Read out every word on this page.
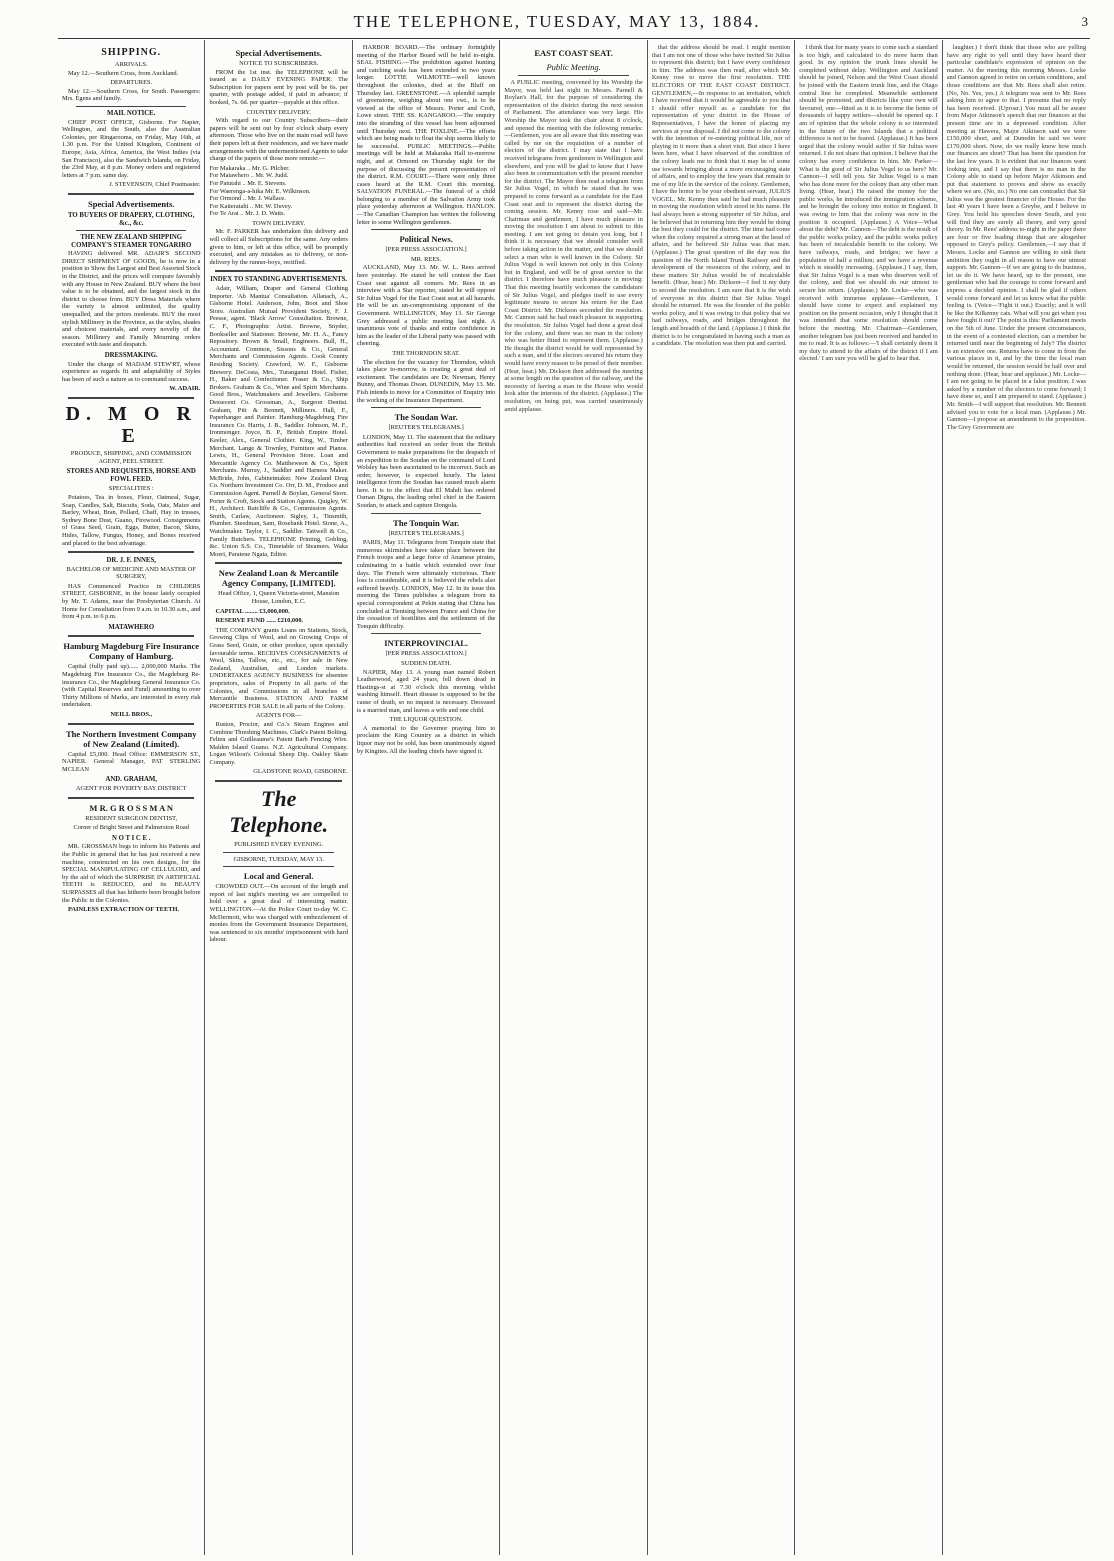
THE TELEPHONE, TUESDAY, MAY 13, 1884.	3
SHIPPING.
ARRIVALS.

May 12.—Southern Cross, from Auckland.

DEPARTURES.

May 12.—Southern Cross, for South. Passengers: Mrs. Egens and family.

MAIL NOTICE.

CHIEF POST OFFICE, Gisborne. For Napier, Wellington, and the South, also the Australian Colonies, per Ringarooma, on Friday, May 16th, at 1.30 p.m. For the United Kingdom, Continent of Europe, Asia, Africa, America, the West Indies (via San Francisco), also the Sandwich Islands, on Friday, the 23rd May, at 8 p.m. Money orders and registered letters at 7 p.m. same day.

J. STEVENSON, Chief Postmaster.

Special Advertisements.
TO BUYERS OF DRAPERY, CLOTHING, &c., &c.
THE NEW ZEALAND SHIPPING COMPANY'S STEAMER TONGARIRO

HAVING delivered MR. ADAIR'S SECOND DIRECT SHIPMENT OF GOODS, he is now in a position to Show the Largest and Best Assorted Stock in the District, and the prices will compare favorably with any House in New Zealand. BUY where the best value is to be obtained, and the largest stock in the district to choose from. BUY Dress Materials where the variety is almost unlimited, the quality unequalled, and the prices moderate. BUY the most stylish Millinery in the Province, as the styles, shades and choicest materials, and every novelty of the season. Millinery and Family Mourning orders executed with taste and despatch.

DRESSMAKING.

Under the charge of MADAM STEW'RT, whose experience as regards fit and adaptability of Styles has been of such a nature as to command success.

W. ADAIR.

D. M O R E

PRODUCE, SHIPPING, AND COMMISSION AGENT, PEEL STREET.

STORES AND REQUISITES, HORSE AND FOWL FEED.
SPECIALITIES :

Potatoes, Tea in boxes, Flour, Oatmeal, Sugar, Soap, Candles, Salt, Biscuits, Soda, Oats, Maize and Barley, Wheat, Bran, Pollard, Chaff, Hay in trusses, Sydney Bone Dust, Guano, Firewood. Consignments of Grass Seed, Grain, Eggs, Butter, Bacon, Skins, Hides, Tallow, Fungus, Honey, and Bones received and placed to the best advantage.

DR. J. F. INNES,

BACHELOR OF MEDICINE AND MASTER OF SURGERY,

HAS Commenced Practice in CHILDERS STREET, GISBORNE, in the house lately occupied by Mr. T. Adams, near the Presbyterian Church. At Home for Consultation from 9 a.m. to 10.30 a.m., and from 4 p.m. to 6 p.m.

MATAWHERO
Hamburg Magdeburg Fire Insurance Company of Hamburg.

Capital (fully paid up)...... 2,000,000 Marks. The Magdeburg Fire Insurance Co., the Magdeburg Re-insurance Co., the Magdeburg General Insurance Co. (with Capital Reserves and Fund) amounting to over Thirty Millions of Marks, are interested in every risk undertaken.

NEILL BROS.,

The Northern Investment Company of New Zealand (Limited).

Capital £5,000. Head Office: EMMERSON ST., NAPIER. General Manager, PAT STERLING MCLEAN

AND. GRAHAM,

AGENT FOR POVERTY BAY DISTRICT

M R. G R O S S M A N

RESIDENT SURGEON DENTIST,

Corner of Bright Street and Palmerston Road

N O T I C E .

MR. GROSSMAN begs to inform his Patients and the Public in general that he has just received a new machine, constructed on his own designs, for the SPECIAL MANIPULATING OF CELLULOID, and by the aid of which the SURPRISE IN ARTIFICIAL TEETH is REDUCED, and its BEAUTY SURPASSES all that has hitherto been brought before the Public in the Colonies.

PAINLESS EXTRACTION OF TEETH.

Special Advertisements.
NOTICE TO SUBSCRIBERS.

FROM the 1st inst. the TELEPHONE will be issued as a DAILY EVENING PAPER. The Subscription for papers sent by post will be 6s. per quarter, with postage added, if paid in advance; if booked, 7s. 6d. per quarter—payable at this office.

COUNTRY DELIVERY.

With regard to our Country Subscribers—their papers will be sent out by four o'clock sharp every afternoon. Those who live on the main road will have their papers left at their residences, and we have made arrangements with the undermentioned Agents to take charge of the papers of those more remote:—

For Makaraka .. Mr. G. Pilcher.

For Matawhero .. Mr. W. Judd.

For Patutahi .. Mr. E. Stevens.

For Waerenga-a-hika Mr. E. Wilkinson.

For Ormond .. Mr. J. Wallace.

For Kaiteratahi .. Mr. W. Duvey.

For Te Arai .. Mr. J. D. Watts.

TOWN DELIVERY.

Mr. F. PARKER has undertaken this delivery and will collect all Subscriptions for the same. Any orders given to him, or left at this office, will be promptly executed, and any mistakes as to delivery, or non-delivery by the runner-boys, rectified.

INDEX TO STANDING ADVERTISEMENTS.

Adair, William, Draper and General Clothing Importer. 'Ah Mantua' Consultation. Allanach, A., Gisborne Hotel. Anderson, John, Boot and Shoe Store. Australian Mutual Provident Society, F. J. Peesse, agent. 'Black Arrow' Consultation. Browne, C. F., Photographic Artist. Browne, Snyder, Bookseller and Stationer. Browne, Mr. H. A., Fancy Repository. Brown & Small, Engineers. Bull, H., Accountant. Common, Sissons & Co., General Merchants and Commission Agents. Cook County Residing Society. Crawford, W. F., Gisborne Brewery. DeCosta, Mrs., Turanganui Hotel. Fisher, H., Baker and Confectioner. Fraser & Co., Ship Brokers. Graham & Co., Wine and Spirit Merchants. Good Bros., Watchmakers and Jewellers. Gisborne Dessecent Co. Grossman, A., Surgeon Dentist. Graham, Pitt & Bennett, Milliners. Hall, F., Paperhanger and Painter. Hamburg-Magdeburg Fire Insurance Co. Harris, J. B., Saddler. Johnson, M. F., Ironmonger. Joyce, B. P., British Empire Hotel. Keeler, Alex., General Clothier. King, W., Timber Merchant. Lange & Townley, Furniture and Pianos. Lewis, H., General Provision Store. Loan and Mercantile Agency Co. Matthewson & Co., Spirit Merchants. Murray, J., Saddler and Harness Maker. McBride, John, Cabinetmaker. New Zealand Drug Co. Northern Investment Co. Orr, D. M., Produce and Commission Agent. Parnell & Boylan, General Store. Porter & Croft, Stock and Station Agents. Quigley, W. H., Architect. Ratcliffe & Co., Commission Agents. Smith, Carlaw, Auctioneer. Sigley, J., Tinsmith, Plumber. Steedman, Sam, Rosebank Hotel. Stone, A., Watchmaker. Taylor, I. C., Saddler. Tattwell & Co., Family Butchers. TELEPHONE Printing, Gobling, &c. Union S.S. Co., Timetable of Steamers. Waka Moeri, Paratene Ngata, Editor.

New Zealand Loan & Mercantile Agency Company, [LIMITED].

Head Office, 1, Queen Victoria-street, Mansion House, London, E.C.

CAPITAL ........ £3,000,000.

RESERVE FUND ...... £210,000.

THE COMPANY grants Loans on Stations, Stock, Growing Clips of Wool, and on Growing Crops of Grass Seed, Grain, or other produce, upon specially favourable terms. RECEIVES CONSIGNMENTS of Wool, Skins, Tallow, etc., etc., for sale in New Zealand, Australian, and London markets. UNDERTAKES AGENCY BUSINESS for absentee proprietors, sales of Property in all parts of the Colonies, and Commissions in all branches of Mercantile Business. STATION AND FARM PROPERTIES FOR SALE in all parts of the Colony.

AGENTS FOR—

Ruston, Proctor, and Co.'s Steam Engines and Combine Threshing Machines. Clark's Patent Bolting. Felten and Guilleaume's Patent Barb Fencing Wire. Malden Island Guano. N.Z. Agricultural Company. Logan Wilson's Colonial Sheep Dip. Oakley Skate Company.

GLADSTONE ROAD, GISBORNE.

The Telephone.

PUBLISHED EVERY EVENING.

GISBORNE, TUESDAY, MAY 13.

Local and General.

CROWDED OUT.—On account of the length and report of last night's meeting we are compelled to hold over a great deal of interesting matter. WELLINGTON.—At the Police Court to-day W. C. McDermott, who was charged with embezzlement of monies from the Government Insurance Department, was sentenced to six months' imprisonment with hard labour.

HARBOR BOARD.—The ordinary fortnightly meeting of the Harbor Board will be held to-night. SEAL FISHING.—The prohibition against hunting and catching seals has been extended to two years longer. LOTTIE WILMOTTE—well known throughout the colonies, died at the Bluff on Thursday last. GREENSTONE.—A splendid sample of greenstone, weighing about one cwt., is to be viewed at the office of Messrs. Porter and Croft, Lowe street. THE SS. KANGAROO.—The enquiry into the stranding of this vessel has been adjourned until Thursday next. THE FOXLINE.—The efforts which are being made to float the ship seems likely to be successful. PUBLIC MEETINGS.—Public meetings will be held at Makaraka Hall to-morrow night, and at Ormond on Thursday night for the purpose of discussing the present representation of the district. R.M. COURT.—There were only three cases heard at the R.M. Court this morning. SALVATION FUNERAL.—The funeral of a child belonging to a member of the Salvation Army took place yesterday afternoon at Wellington. HANLON.—The Canadian Champion has written the following letter to some Wellington gentlemen.

Political News.

[PER PRESS ASSOCIATION.]

MR. REES.

AUCKLAND, May 13. Mr. W. L. Rees arrived here yesterday. He stated he will contest the East Coast seat against all comers. Mr. Rees in an interview with a Star reporter, stated he will oppose Sir Julius Vogel for the East Coast seat at all hazards. He will be an un-compromising opponent of the Government. WELLINGTON, May 13. Sir George Grey addressed a public meeting last night. A unanimous vote of thanks and entire confidence in him as the leader of the Liberal party was passed with cheering.

THE THORNDON SEAT.

The election for the vacancy for Thorndon, which takes place to-morrow, is creating a great deal of excitement. The candidates are Dr. Newman, Henry Bunny, and Thomas Dwan. DUNEDIN, May 13. Mr. Fish intends to move for a Committee of Enquiry into the working of the Insurance Department.

The Soudan War.

[REUTER'S TELEGRAMS.]

LONDON, May 11. The statement that the military authorities had received an order from the British Government to make preparations for the despatch of an expedition to the Soudan on the command of Lord Wolsley has been ascertained to be incorrect. Such an order, however, is expected hourly. The latest intelligence from the Soudan has caused much alarm here. It is to the effect that El Mahdi has ordered Osman Digna, the leading rebel chief in the Eastern Soudan, to attack and capture Dongola.

The Tonquin War.

[REUTER'S TELEGRAMS.]

PARIS, May 11. Telegrams from Tonquin state that numerous skirmishes have taken place between the French troops and a large force of Anamese pirates, culminating in a battle which extended over four days. The French were ultimately victorious. Their loss is considerable, and it is believed the rebels also suffered heavily. LONDON, May 12. In its issue this morning the Times publishes a telegram from its special correspondent at Pekin stating that China has concluded at Tientsing between France and China for the cessation of hostilities and the settlement of the Tonquin difficulty.

INTERPROVINCIAL.

[PER PRESS ASSOCIATION.]

SUDDEN DEATH.

NAPIER, May 13. A young man named Robert Leatherwood, aged 24 years, fell down dead in Hastings-st at 7.30 o'clock this morning whilst washing himself. Heart disease is supposed to be the cause of death, so no inquest is necessary. Deceased is a married man, and leaves a wife and one child.

THE LIQUOR QUESTION.

A memorial to the Governor praying him to proclaim the King Country as a district in which liquor may not be sold, has been unanimously signed by Kingites. All the leading chiefs have signed it.

EAST COAST SEAT.
Public Meeting.

A PUBLIC meeting, convened by his Worship the Mayor, was held last night in Messrs. Parnell & Boylan's Hall, for the purpose of considering the representation of the district during the next session of Parliament. The attendance was very large. His Worship the Mayor took the chair about 8 o'clock, and opened the meeting with the following remarks:—Gentlemen, you are all aware that this meeting was called by me on the requisition of a number of electors of the district. I may state that I have received telegrams from gentlemen in Wellington and elsewhere, and you will be glad to know that I have also been in communication with the present member for the district. The Mayor then read a telegram from Sir Julius Vogel, in which he stated that he was prepared to come forward as a candidate for the East Coast seat and to represent the district during the coming session. Mr. Kenny rose and said—Mr. Chairman and gentlemen, I have much pleasure in moving the resolution I am about to submit to this meeting. I am not going to detain you long, but I think it is necessary that we should consider well before taking action in the matter, and that we should select a man who is well known in the Colony. Sir Julius Vogel is well known not only in this Colony but in England, and will be of great service to the district. I therefore have much pleasure in moving: That this meeting heartily welcomes the candidature of Sir Julius Vogel, and pledges itself to use every legitimate means to secure his return for the East Coast District. Mr. Dickson seconded the resolution. Mr. Cannon said he had much pleasure in supporting the resolution. Sir Julius Vogel had done a great deal for the colony, and there was no man in the colony who was better fitted to represent them. (Applause.) He thought the district would be well represented by such a man, and if the electors secured his return they would have every reason to be proud of their member. (Hear, hear.) Mr. Dickson then addressed the meeting at some length on the question of the railway, and the necessity of having a man in the House who would look after the interests of the district. (Applause.) The resolution, on being put, was carried unanimously amid applause.

that the address should be read. I might mention that I am not one of those who have invited Sir Julius to represent this district; but I have every confidence in him. The address was then read, after which Mr. Kenny rose to move the first resolution. THE ELECTORS OF THE EAST COAST DISTRICT. GENTLEMEN,—In response to an invitation, which I have received that it would be agreeable to you that I should offer myself as a candidate for the representation of your district in the House of Representatives, I have the honor of placing my services at your disposal. I did not come to the colony with the intention of re-entering political life, nor of playing in it more than a short visit. But since I have been here, what I have observed of the condition of the colony leads me to think that it may be of some use towards bringing about a more encouraging state of affairs, and to employ the few years that remain to me of my life in the service of the colony. Gentlemen, I have the honor to be your obedient servant, JULIUS VOGEL. Mr. Kenny then said he had much pleasure in moving the resolution which stood in his name. He had always been a strong supporter of Sir Julius, and he believed that in returning him they would be doing the best they could for the district. The time had come when the colony required a strong man at the head of affairs, and he believed Sir Julius was that man. (Applause.) The great question of the day was the question of the North Island Trunk Railway and the development of the resources of the colony, and in these matters Sir Julius would be of incalculable benefit. (Hear, hear.) Mr. Dickson—I feel it my duty to second the resolution. I am sure that it is the wish of everyone in this district that Sir Julius Vogel should be returned. He was the founder of the public works policy, and it was owing to that policy that we had railways, roads, and bridges throughout the length and breadth of the land. (Applause.) I think the district is to be congratulated in having such a man as a candidate. The resolution was then put and carried.

I think that for many years to come such a standard is too high, and calculated to do more harm than good. In my opinion the trunk lines should be completed without delay. Wellington and Auckland should be joined, Nelson and the West Coast should be joined with the Eastern trunk line, and the Otago central line be completed. Meanwhile settlement should be promoted, and districts like your own will favoured, one—fitted as it is to become the home of thousands of happy settlers—should be opened up. I am of opinion that the whole colony is so interested in the future of the two Islands that a political difference is not to be feared. (Applause.) It has been urged that the colony would suffer if Sir Julius were returned. I do not share that opinion. I believe that the colony has every confidence in him. Mr. Parker—What is the good of Sir Julius Vogel to us here? Mr. Cannon—I will tell you. Sir Julius Vogel is a man who has done more for the colony than any other man living. (Hear, hear.) He raised the money for the public works, he introduced the immigration scheme, and he brought the colony into notice in England. It was owing to him that the colony was now in the position it occupied. (Applause.) A Voice—What about the debt? Mr. Cannon—The debt is the result of the public works policy, and the public works policy has been of incalculable benefit to the colony. We have railways, roads, and bridges; we have a population of half a million; and we have a revenue which is steadily increasing. (Applause.) I say, then, that Sir Julius Vogel is a man who deserves well of the colony, and that we should do our utmost to secure his return. (Applause.) Mr. Locke—who was received with immense applause—Gentlemen, I should have come to expect and explained my position on the present occasion, only I thought that it was intended that some resolution should come before the meeting. Mr. Chairman—Gentlemen, another telegram has just been received and handed to me to read. It is as follows:—'I shall certainly deem it my duty to attend to the affairs of the district if I am elected.' I am sure you will be glad to hear that.

laughter.) I don't think that those who are yelling have any right to yell until they have heard their particular candidate's expression of opinion on the matter. At the meeting this morning Messrs. Locke and Gannon agreed to retire on certain conditions, and those conditions are that Mr. Rees shall also retire. (No, No. Yes, yes.) A telegram was sent to Mr. Rees asking him to agree to that. I presume that no reply has been received. (Uproar.) You must all be aware from Major Atkinson's speech that our finances at the present time are in a depressed condition. After meeting at Hawera, Major Atkinson said we were £150,000 short, and at Dunedin he said we were £170,000 short. Now, do we really know how much our finances are short? That has been the question for the last few years. It is evident that our finances want looking into, and I say that there is no man in the Colony able to stand up before Major Atkinson and put that statement to proves and show us exactly where we are. (No, no.) No one can contradict that Sir Julius was the greatest financier of the House. For the last 40 years I have been a Greybe, and I believe in Grey. You hold his speeches down South, and you will find they are surely all theory, and very good theory. In Mr. Rees' address to-night in the paper there are four or five leading things that are altogether opposed to Grey's policy. Gentlemen,—I say that if Messrs. Locke and Gannon are willing to sink their ambition they ought in all reason to have our utmost support. Mr. Gannon—If we are going to do business, let us do it. We have heard, up to the present, one gentleman who had the courage to come forward and express a decided opinion. I shall be glad if others would come forward and let us know what the public feeling is. (Voice—'Fight it out.) Exactly; and it will be like the Kilkenny cats. What will you get when you have fought it out? The point is this: Parliament meets on the 5th of June. Under the present circumstances, in the event of a contested election, can a member be returned until near the beginning of July? The district is an extensive one. Returns have to come in from the various places in it, and by the time the local man would be returned, the session would be half over and nothing done. (Hear, hear and applause.) Mr. Locke—I am not going to be placed in a false position. I was asked by a number of the electors to come forward; I have done so, and I am prepared to stand. (Applause.) Mr. Smith—I will support that resolution. Mr. Bennett advised you to vote for a local man. (Applause.) Mr. Gannon—I propose an amendment to the proposition. The Grey Government are
